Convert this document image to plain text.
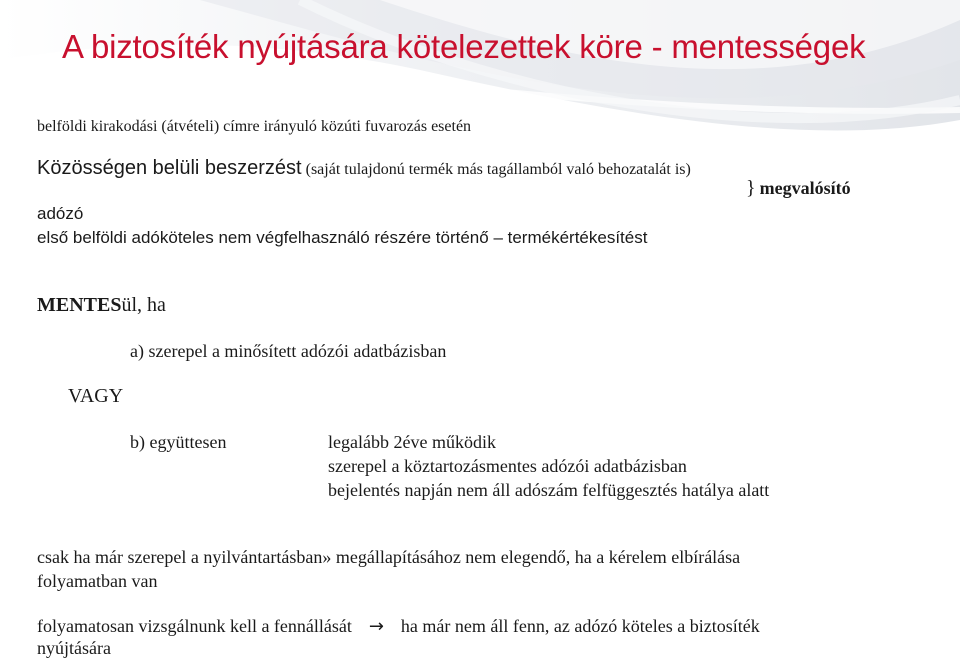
A biztosíték nyújtására kötelezettek köre - mentességek
belföldi kirakodási (átvételi) címre irányuló közúti fuvarozás esetén
Közösségen belüli beszerzést (saját tulajdonú termék más tagállamból való behozatalát is)
} megvalósító
adózó
első belföldi adóköteles nem végfelhasználó részére történő – termékértékesítést
MENTESül, ha
a) szerepel a minősített adózói adatbázisban
VAGY
b) együttesen	legalább 2éve működik
szerepel a köztartozásmentes adózói adatbázisban
bejelentés napján nem áll adószám felfüggesztés hatálya alatt
csak ha már szerepel a nyilvántartásban» megállapításához nem elegendő, ha a kérelem elbírálása
folyamatban van
folyamatosan vizsgálnunk kell a fennállását → ha már nem áll fenn, az adózó köteles a biztosíték
nyújtására
